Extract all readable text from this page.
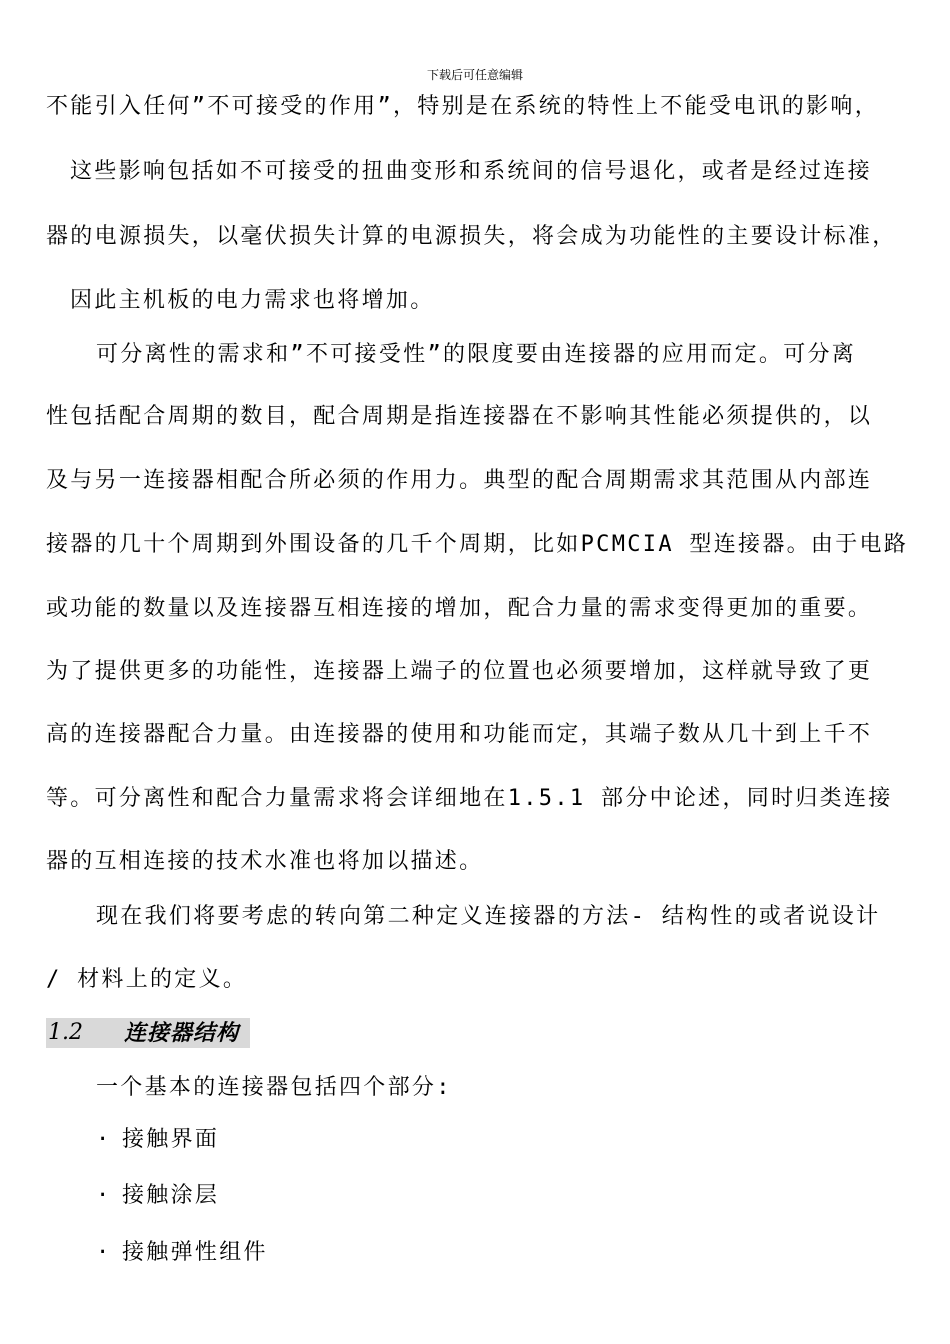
下载后可任意编辑
不能引入任何”不可接受的作用”，特别是在系统的特性上不能受电讯的影响，
这些影响包括如不可接受的扭曲变形和系统间的信号退化，或者是经过连接
器的电源损失，以毫伏损失计算的电源损失，将会成为功能性的主要设计标准，
因此主机板的电力需求也将增加。
可分离性的需求和”不可接受性”的限度要由连接器的应用而定。可分离
性包括配合周期的数目，配合周期是指连接器在不影响其性能必须提供的，以
及与另一连接器相配合所必须的作用力。典型的配合周期需求其范围从内部连
接器的几十个周期到外围设备的几千个周期，比如PCMCIA 型连接器。由于电路
或功能的数量以及连接器互相连接的增加，配合力量的需求变得更加的重要。
为了提供更多的功能性，连接器上端子的位置也必须要增加，这样就导致了更
高的连接器配合力量。由连接器的使用和功能而定，其端子数从几十到上千不
等。可分离性和配合力量需求将会详细地在1.5.1 部分中论述，同时归类连接
器的互相连接的技术水准也将加以描述。
现在我们将要考虑的转向第二种定义连接器的方法- 结构性的或者说设计
/ 材料上的定义。
1.2 连接器结构
一个基本的连接器包括四个部分:
· 接触界面
· 接触涂层
· 接触弹性组件
